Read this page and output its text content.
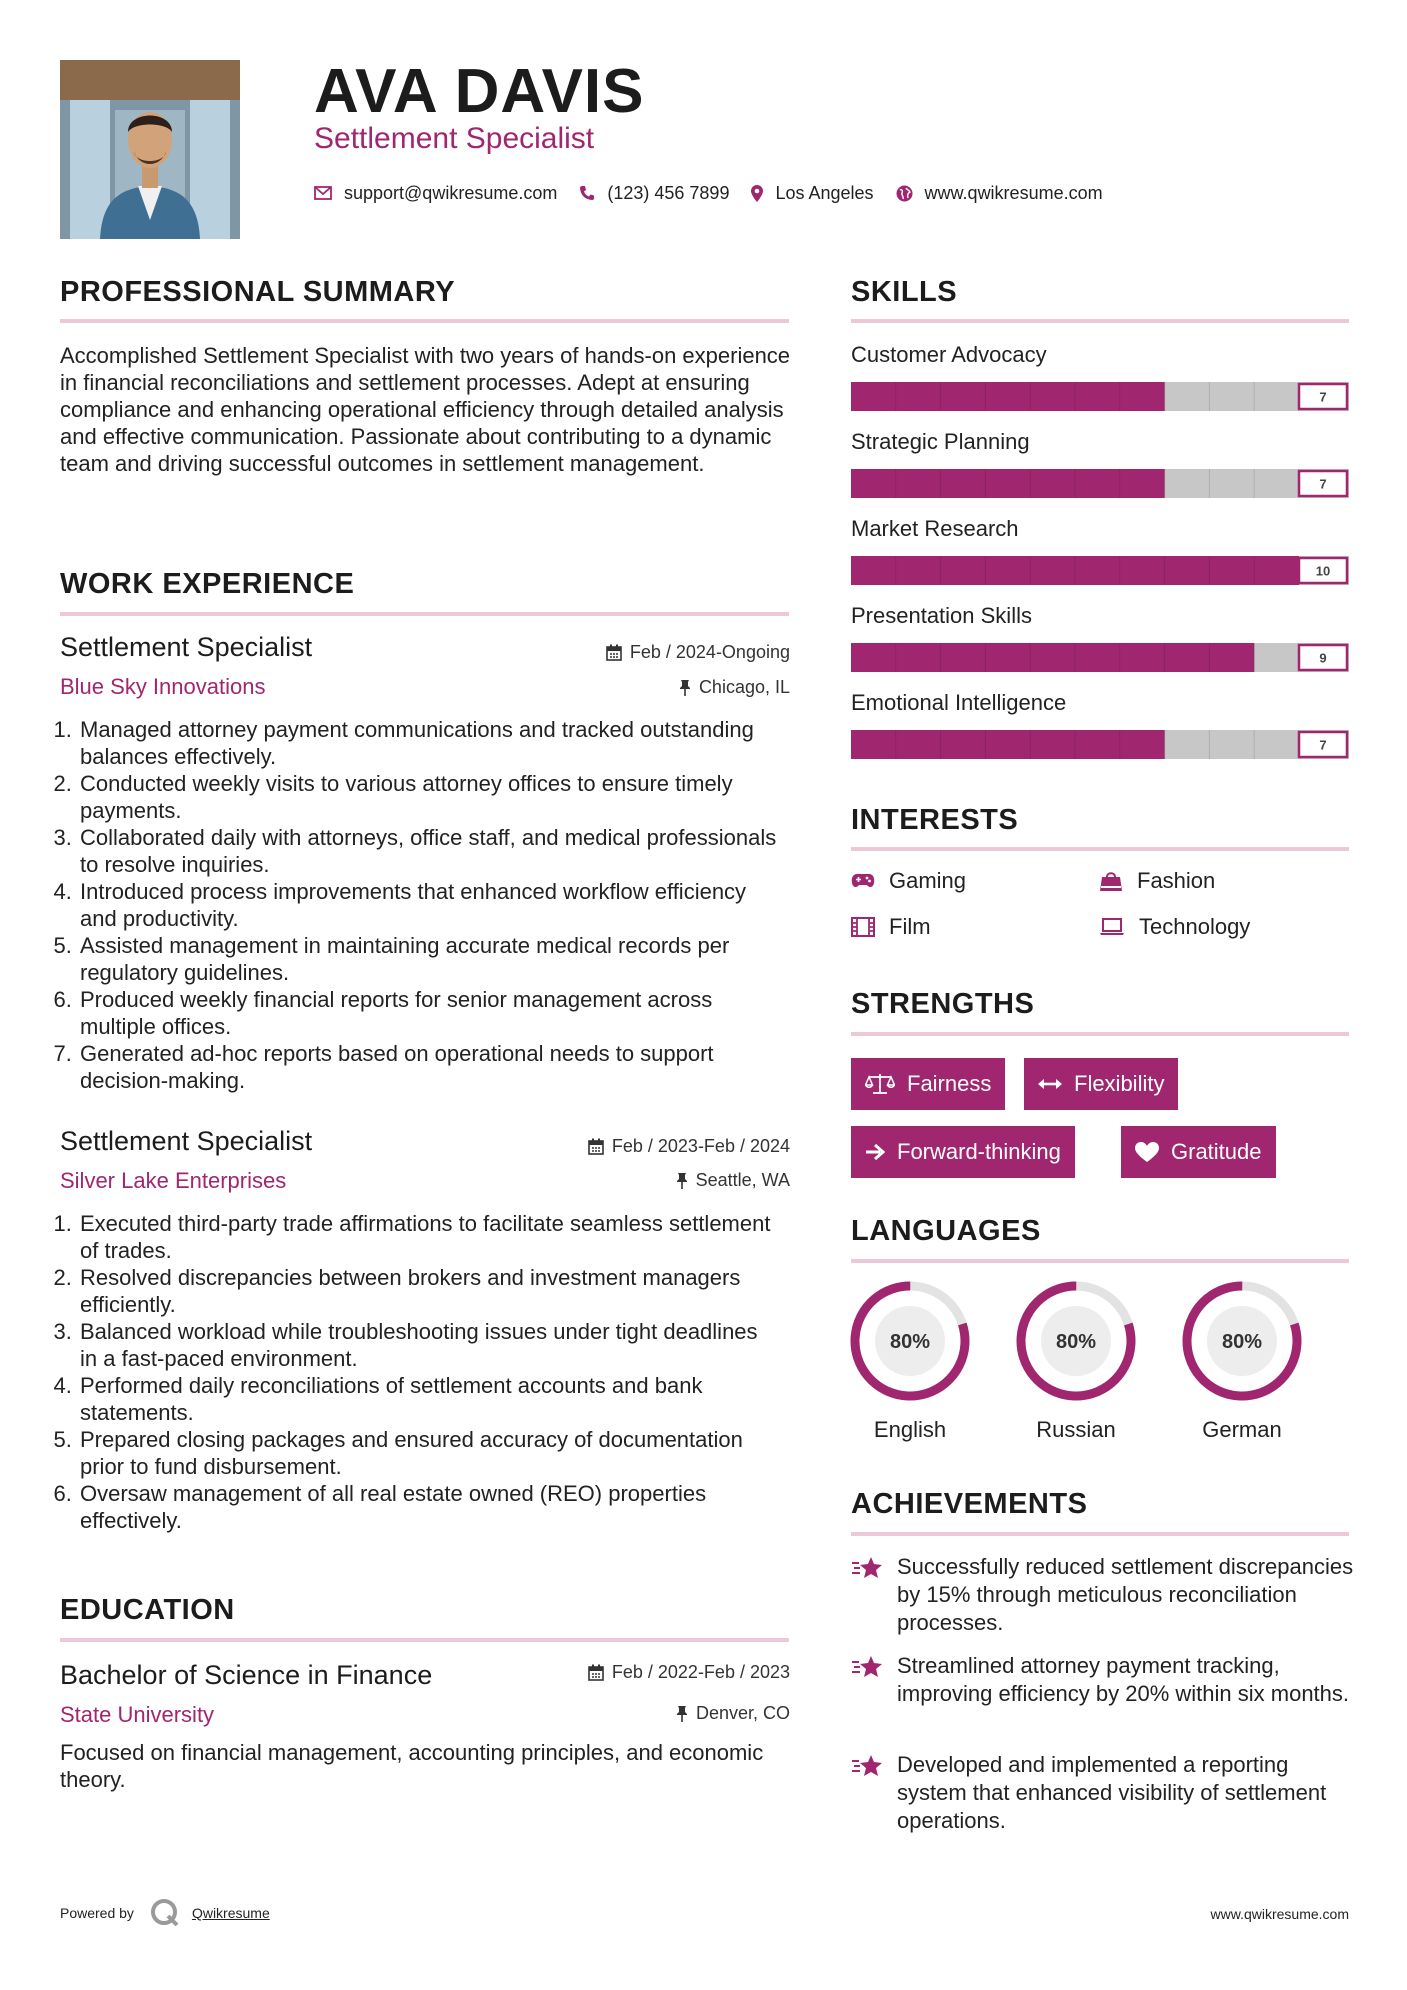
AVA DAVIS
Settlement Specialist
support@qwikresume.com	(123) 456 7899	Los Angeles	www.qwikresume.com
PROFESSIONAL SUMMARY
Accomplished Settlement Specialist with two years of hands-on experience in financial reconciliations and settlement processes. Adept at ensuring compliance and enhancing operational efficiency through detailed analysis and effective communication. Passionate about contributing to a dynamic team and driving successful outcomes in settlement management.
WORK EXPERIENCE
Settlement Specialist	Feb / 2024-Ongoing
Blue Sky Innovations	Chicago, IL
1. Managed attorney payment communications and tracked outstanding balances effectively.
2. Conducted weekly visits to various attorney offices to ensure timely payments.
3. Collaborated daily with attorneys, office staff, and medical professionals to resolve inquiries.
4. Introduced process improvements that enhanced workflow efficiency and productivity.
5. Assisted management in maintaining accurate medical records per regulatory guidelines.
6. Produced weekly financial reports for senior management across multiple offices.
7. Generated ad-hoc reports based on operational needs to support decision-making.
Settlement Specialist	Feb / 2023-Feb / 2024
Silver Lake Enterprises	Seattle, WA
1. Executed third-party trade affirmations to facilitate seamless settlement of trades.
2. Resolved discrepancies between brokers and investment managers efficiently.
3. Balanced workload while troubleshooting issues under tight deadlines in a fast-paced environment.
4. Performed daily reconciliations of settlement accounts and bank statements.
5. Prepared closing packages and ensured accuracy of documentation prior to fund disbursement.
6. Oversaw management of all real estate owned (REO) properties effectively.
EDUCATION
Bachelor of Science in Finance	Feb / 2022-Feb / 2023
State University	Denver, CO
Focused on financial management, accounting principles, and economic theory.
SKILLS
Customer Advocacy
7
Strategic Planning
7
Market Research
10
Presentation Skills
9
Emotional Intelligence
7
INTERESTS
Gaming	Fashion
Film	Technology
STRENGTHS
Fairness	Flexibility
Forward-thinking	Gratitude
LANGUAGES
80%	80%	80%
English	Russian	German
ACHIEVEMENTS
Successfully reduced settlement discrepancies by 15% through meticulous reconciliation processes.
Streamlined attorney payment tracking, improving efficiency by 20% within six months.
Developed and implemented a reporting system that enhanced visibility of settlement operations.
Powered by	Qwikresume	www.qwikresume.com
